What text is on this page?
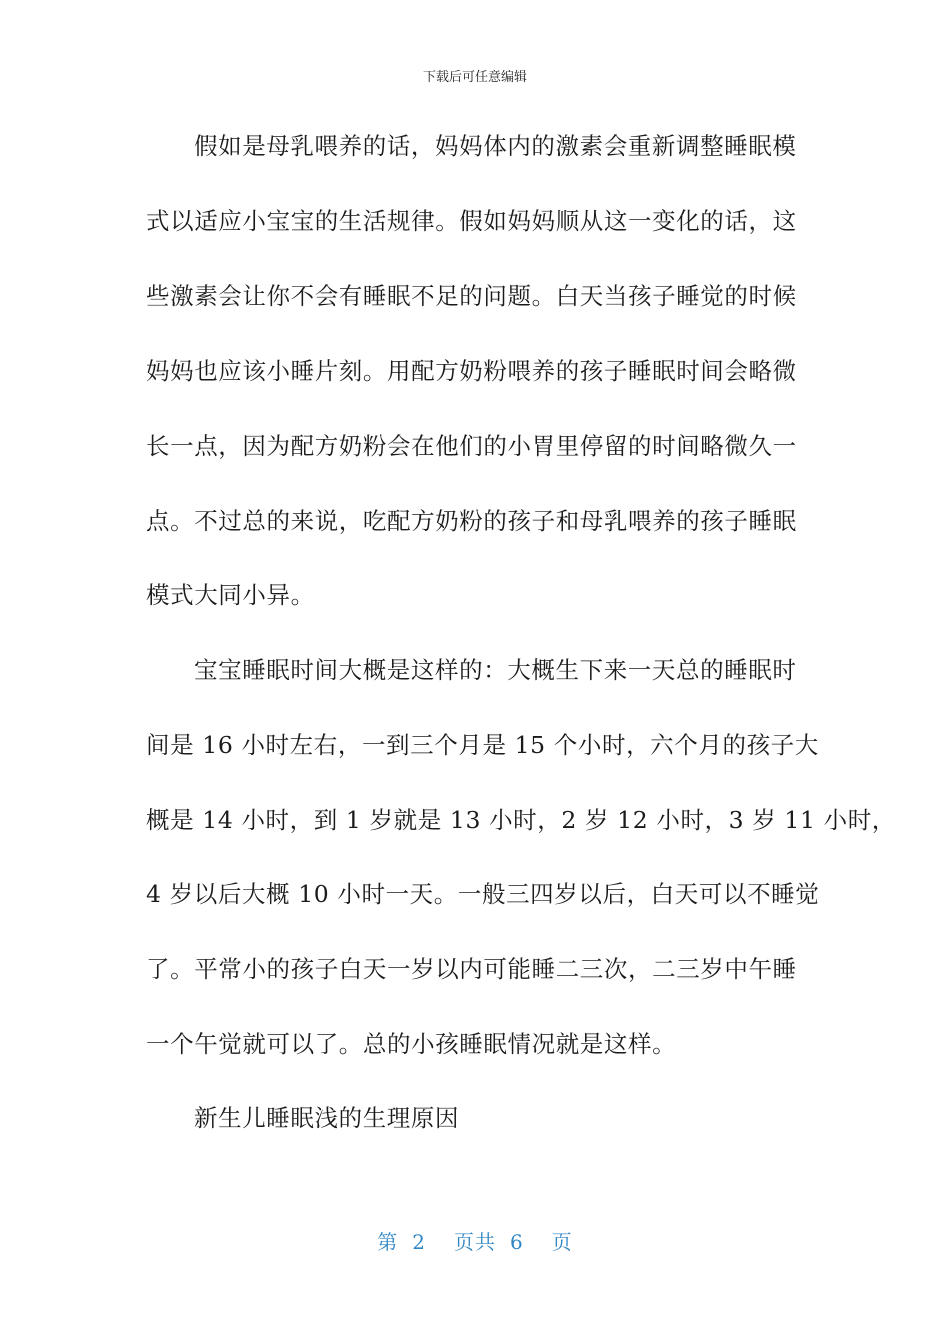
下载后可任意编辑
假如是母乳喂养的话，妈妈体内的激素会重新调整睡眠模
式以适应小宝宝的生活规律。假如妈妈顺从这一变化的话，这
些激素会让你不会有睡眠不足的问题。白天当孩子睡觉的时候
妈妈也应该小睡片刻。用配方奶粉喂养的孩子睡眠时间会略微
长一点，因为配方奶粉会在他们的小胃里停留的时间略微久一
点。不过总的来说，吃配方奶粉的孩子和母乳喂养的孩子睡眠
模式大同小异。
宝宝睡眠时间大概是这样的：大概生下来一天总的睡眠时
间是 16 小时左右，一到三个月是 15 个小时，六个月的孩子大
概是 14 小时，到 1 岁就是 13 小时，2 岁 12 小时，3 岁 11 小时，
4 岁以后大概 10 小时一天。一般三四岁以后，白天可以不睡觉
了。平常小的孩子白天一岁以内可能睡二三次，二三岁中午睡
一个午觉就可以了。总的小孩睡眠情况就是这样。
新生儿睡眠浅的生理原因
第 2 页共 6 页
